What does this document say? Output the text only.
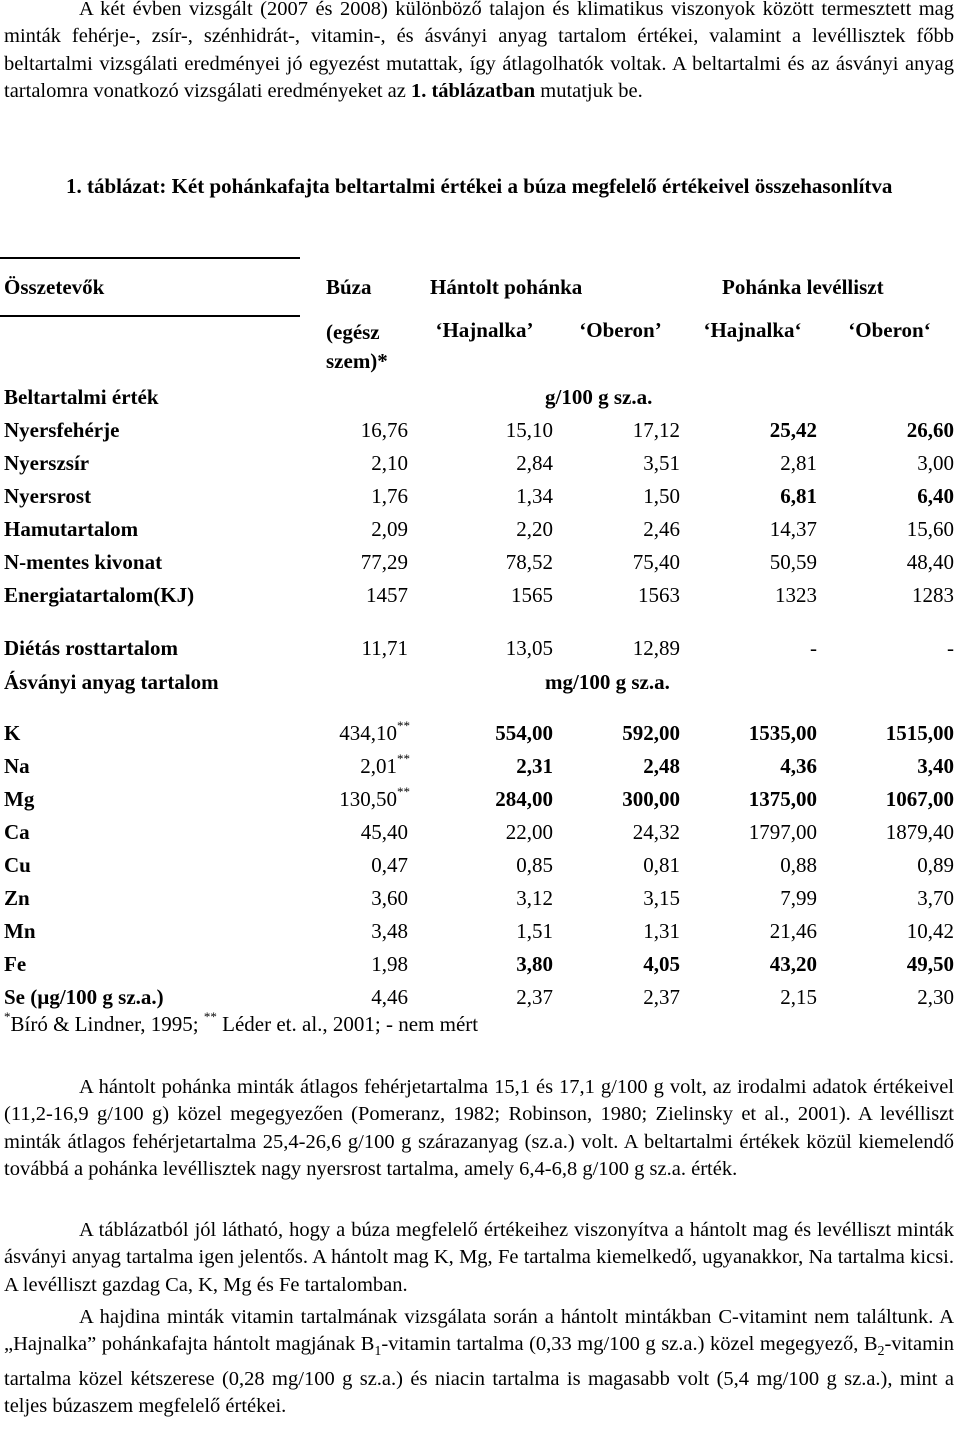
A két évben vizsgált (2007 és 2008) különböző talajon és klimatikus viszonyok között termesztett mag minták fehérje-, zsír-, szénhidrát-, vitamin-, és ásványi anyag tartalom értékei, valamint a levéllisztek főbb beltartalmi vizsgálati eredményei jó egyezést mutattak, így átlagolhatók voltak. A beltartalmi és az ásványi anyag tartalomra vonatkozó vizsgálati eredményeket az 1. táblázatban mutatjuk be.

1. táblázat: Két pohánkafajta beltartalmi értékei a búza megfelelő értékeivel összehasonlítva

Összetevők	Búza	Hántolt pohánka		Pohánka levélliszt	
	(egész szem)*	‘Hajnalka’	‘Oberon’	‘Hajnalka‘	‘Oberon‘
Beltartalmi érték	g/100 g sz.a.				
Nyersfehérje	16,76	15,10	17,12	25,42	26,60
Nyerszsír	2,10	2,84	3,51	2,81	3,00
Nyersrost	1,76	1,34	1,50	6,81	6,40
Hamutartalom	2,09	2,20	2,46	14,37	15,60
N-mentes kivonat	77,29	78,52	75,40	50,59	48,40
Energiatartalom(KJ)	1457	1565	1563	1323	1283

Diétás rosttartalom	11,71	13,05	12,89	-	-
Ásványi anyag tartalom	mg/100 g sz.a.				

K	434,10**	554,00	592,00	1535,00	1515,00
Na	2,01**	2,31	2,48	4,36	3,40
Mg	130,50**	284,00	300,00	1375,00	1067,00
Ca	45,40	22,00	24,32	1797,00	1879,40
Cu	0,47	0,85	0,81	0,88	0,89
Zn	3,60	3,12	3,15	7,99	3,70
Mn	3,48	1,51	1,31	21,46	10,42
Fe	1,98	3,80	4,05	43,20	49,50
Se (µg/100 g sz.a.)	4,46	2,37	2,37	2,15	2,30
*Bíró & Lindner, 1995; ** Léder et. al., 2001; - nem mért

A hántolt pohánka minták átlagos fehérjetartalma 15,1 és 17,1 g/100 g volt, az irodalmi adatok értékeivel (11,2-16,9 g/100 g) közel megegyezően (Pomeranz, 1982; Robinson, 1980; Zielinsky et al., 2001). A levélliszt minták átlagos fehérjetartalma 25,4-26,6 g/100 g szárazanyag (sz.a.) volt. A beltartalmi értékek közül kiemelendő továbbá a pohánka levéllisztek nagy nyersrost tartalma, amely 6,4-6,8 g/100 g sz.a. érték.

A táblázatból jól látható, hogy a búza megfelelő értékeihez viszonyítva a hántolt mag és levélliszt minták ásványi anyag tartalma igen jelentős. A hántolt mag K, Mg, Fe tartalma kiemelkedő, ugyanakkor, Na tartalma kicsi. A levélliszt gazdag Ca, K, Mg és Fe tartalomban.

A hajdina minták vitamin tartalmának vizsgálata során a hántolt mintákban C-vitamint nem találtunk. A „Hajnalka” pohánkafajta hántolt magjának $B_1$-vitamin tartalma (0,33 mg/100 g sz.a.) közel megegyező, $B_2$-vitamin tartalma közel kétszerese (0,28 mg/100 g sz.a.) és niacin tartalma is magasabb volt (5,4 mg/100 g sz.a.), mint a teljes búzaszem megfelelő értékei.
